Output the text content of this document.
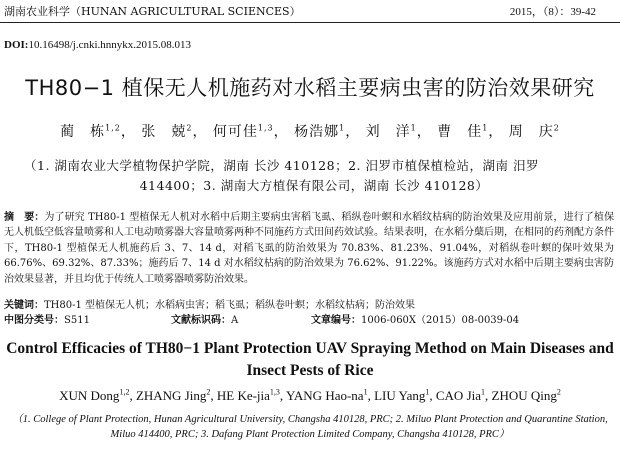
湖南农业科学（HUNAN AGRICULTURAL SCIENCES）	2015，（8）：39-42
DOI:10.16498/j.cnki.hnnykx.2015.08.013
TH80−1 植保无人机施药对水稻主要病虫害的防治效果研究
蔺　栋$^{1,2}$， 张　兢$^2$， 何可佳$^{1,3}$， 杨浩娜$^1$， 刘　洋$^1$， 曹　佳$^1$， 周　庆$^2$
（1. 湖南农业大学植物保护学院，湖南 长沙 410128；2. 汨罗市植保植检站，湖南 汨罗
414400；3. 湖南大方植保有限公司，湖南 长沙 410128）
摘　要：为了研究 TH80-1 型植保无人机对水稻中后期主要病虫害稻飞虱、稻纵卷叶螟和水稻纹枯病的防治效果及应用前景，进行了植保无人机低空低容量喷雾和人工电动喷雾器大容量喷雾两种不同施药方式田间药效试验。结果表明，在水稻分蘖后期，在相同的药剂配方条件下，TH80-1 型植保无人机施药后 3、7、14 d，对稻飞虱的防治效果为 70.83%、81.23%、91.04%，对稻纵卷叶螟的保叶效果为 66.76%、69.32%、87.33%；施药后 7、14 d 对水稻纹枯病的防治效果为 76.62%、91.22%。该施药方式对水稻中后期主要病虫害防治效果显著，并且均优于传统人工喷雾器喷雾防治效果。
关键词：TH80-1 型植保无人机；水稻病虫害；稻飞虱；稻纵卷叶螟；水稻纹枯病；防治效果
中图分类号：S511	文献标识码：A	文章编号：1006-060X（2015）08-0039-04
Control Efficacies of TH80−1 Plant Protection UAV Spraying Method on Main Diseases and Insect Pests of Rice
XUN Dong$^{1,2}$, ZHANG Jing$^2$, HE Ke-jia$^{1,3}$, YANG Hao-$na^1$, LIU Yang$^1$, CAO Jia$^1$, ZHOU Qing$^2$
（1. College of Plant Protection, Hunan Agricultural University, Changsha 410128, PRC; 2. Miluo Plant Protection and Quarantine Station, Miluo 414400, PRC; 3. Dafang Plant Protection Limited Company, Changsha 410128, PRC）
